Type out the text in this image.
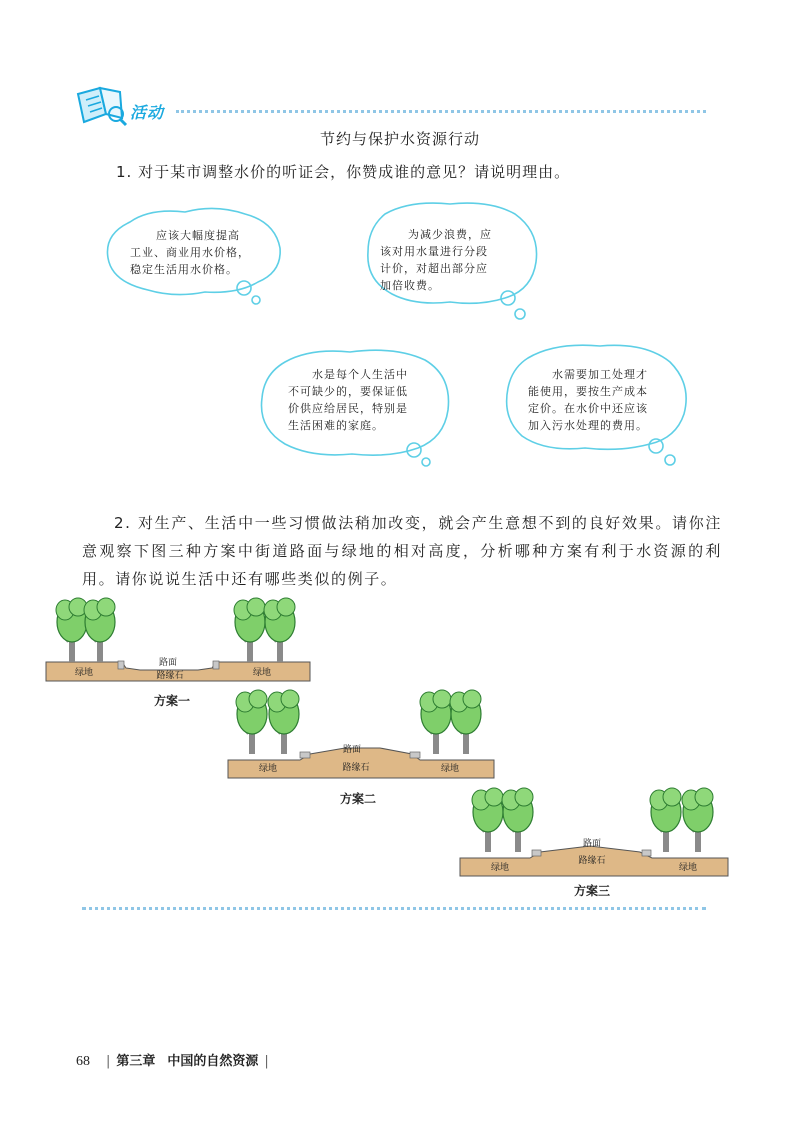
活动
节约与保护水资源行动
1. 对于某市调整水价的听证会，你赞成谁的意见？请说明理由。
应该大幅度提高
工业、商业用水价格，
稳定生活用水价格。
为减少浪费，应
该对用水量进行分段
计价，对超出部分应
加倍收费。
水是每个人生活中
不可缺少的，要保证低
价供应给居民，特别是
生活困难的家庭。
水需要加工处理才
能使用，要按生产成本
定价。在水价中还应该
加入污水处理的费用。
2. 对生产、生活中一些习惯做法稍加改变，就会产生意想不到的良好效果。请你注意观察下图三种方案中街道路面与绿地的相对高度，分析哪种方案有利于水资源的利用。请你说说生活中还有哪些类似的例子。
绿地
路面
路缘石	绿地
绿地
路面
路缘石	绿地
绿地
路面
路缘石
绿地
方案一
方案二
方案三
68 | 第三章 中国的自然资源 |
